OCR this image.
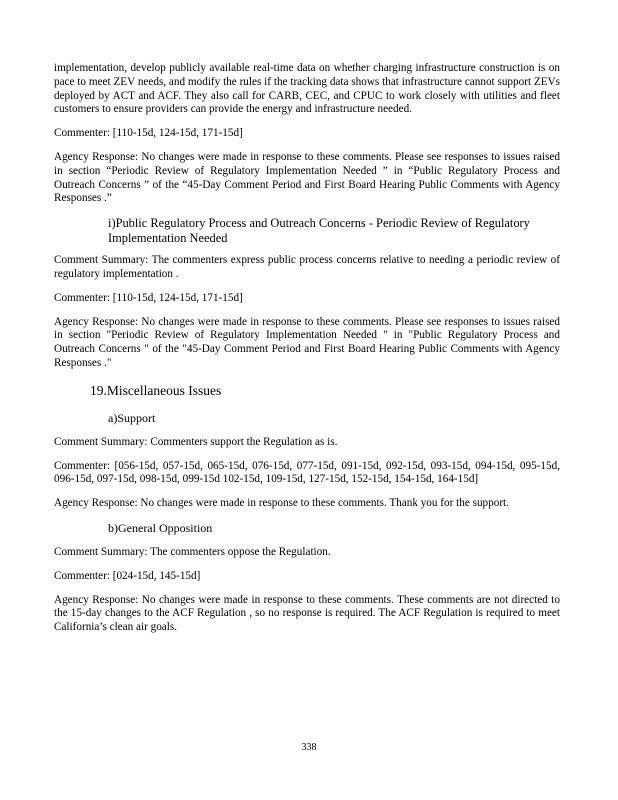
implementation, develop publicly available real-time data on whether charging infrastructure construction is on pace to meet ZEV needs, and modify the rules if the tracking data shows that infrastructure cannot support ZEVs deployed by ACT and ACF. They also call for CARB, CEC, and CPUC to work closely with utilities and fleet customers to ensure providers can provide the energy and infrastructure needed.

Commenter: [110-15d, 124-15d, 171-15d]

Agency Response: No changes were made in response to these comments. Please see responses to issues raised in section “Periodic Review of Regulatory Implementation Needed ” in “Public Regulatory Process and Outreach Concerns ” of the “45-Day Comment Period and First Board Hearing Public Comments with Agency Responses .”

i)Public Regulatory Process and Outreach Concerns - Periodic Review of Regulatory Implementation Needed

Comment Summary: The commenters express public process concerns relative to needing a periodic review of regulatory implementation .

Commenter: [110-15d, 124-15d, 171-15d]

Agency Response: No changes were made in response to these comments. Please see responses to issues raised in section "Periodic Review of Regulatory Implementation Needed " in "Public Regulatory Process and Outreach Concerns " of the "45-Day Comment Period and First Board Hearing Public Comments with Agency Responses ."

19.Miscellaneous Issues

a)Support

Comment Summary: Commenters support the Regulation as is.

Commenter: [056-15d, 057-15d, 065-15d, 076-15d, 077-15d, 091-15d, 092-15d, 093-15d, 094-15d, 095-15d, 096-15d, 097-15d, 098-15d, 099-15d 102-15d, 109-15d, 127-15d, 152-15d, 154-15d, 164-15d]

Agency Response: No changes were made in response to these comments. Thank you for the support.

b)General Opposition

Comment Summary: The commenters oppose the Regulation.

Commenter: [024-15d, 145-15d]

Agency Response: No changes were made in response to these comments. These comments are not directed to the 15-day changes to the ACF Regulation , so no response is required. The ACF Regulation is required to meet California’s clean air goals.

338
